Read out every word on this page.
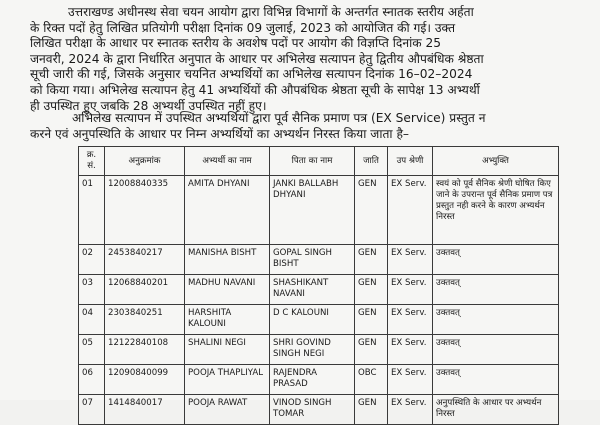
उत्तराखण्ड अधीनस्थ सेवा चयन आयोग द्वारा विभिन्न विभागों के अन्तर्गत स्नातक स्तरीय अर्हता
के रिक्त पदों हेतु लिखित प्रतियोगी परीक्षा दिनांक 09 जुलाई, 2023 को आयोजित की गई। उक्त
लिखित परीक्षा के आधार पर स्नातक स्तरीय के अवशेष पदों पर आयोग की विज्ञप्ति दिनांक 25
जनवरी, 2024 के द्वारा निर्धारित अनुपात के आधार पर अभिलेख सत्यापन हेतु द्वितीय औपबंधिक श्रेष्ठता
सूची जारी की गई, जिसके अनुसार चयनित अभ्यर्थियों का अभिलेख सत्यापन दिनांक 16–02–2024
को किया गया। अभिलेख सत्यापन हेतु 41 अभ्यर्थियों की औपबंधिक श्रेष्ठता सूची के सापेक्ष 13 अभ्यर्थी
ही उपस्थित हुए जबकि 28 अभ्यर्थी उपस्थित नहीं हुए।

अभिलेख सत्यापन में उपस्थित अभ्यर्थियों द्वारा पूर्व सैनिक प्रमाण पत्र (EX Service) प्रस्तुत न
करने एवं अनुपस्थिति के आधार पर निम्न अभ्यर्थियों का अभ्यर्थन निरस्त किया जाता है–

क्र. सं.	अनुक्रमांक	अभ्यर्थी का नाम	पिता का नाम	जाति	उप श्रेणी	अभ्युक्ति
01	12008840335	AMITA DHYANI	JANKI BALLABH DHYANI	GEN	EX Serv.	स्वयं को पूर्व सैनिक श्रेणी घोषित किए जाने के उपरान्त पूर्व सैनिक प्रमाण पत्र प्रस्तुत नही करने के कारण अभ्यर्थन निरस्त
02	2453840217	MANISHA BISHT	GOPAL SINGH BISHT	GEN	EX Serv.	उक्तवत्
03	12068840201	MADHU NAVANI	SHASHIKANT NAVANI	GEN	EX Serv.	उक्तवत्
04	2303840251	HARSHITA KALOUNI	D C KALOUNI	GEN	EX Serv.	उक्तवत्
05	12122840108	SHALINI NEGI	SHRI GOVIND SINGH NEGI	GEN	EX Serv.	उक्तवत्
06	12090840099	POOJA THAPLIYAL	RAJENDRA PRASAD	OBC	EX Serv.	उक्तवत्
07	1414840017	POOJA RAWAT	VINOD SINGH TOMAR	GEN	EX Serv.	अनुपस्थिति के आधार पर अभ्यर्थन निरस्त
